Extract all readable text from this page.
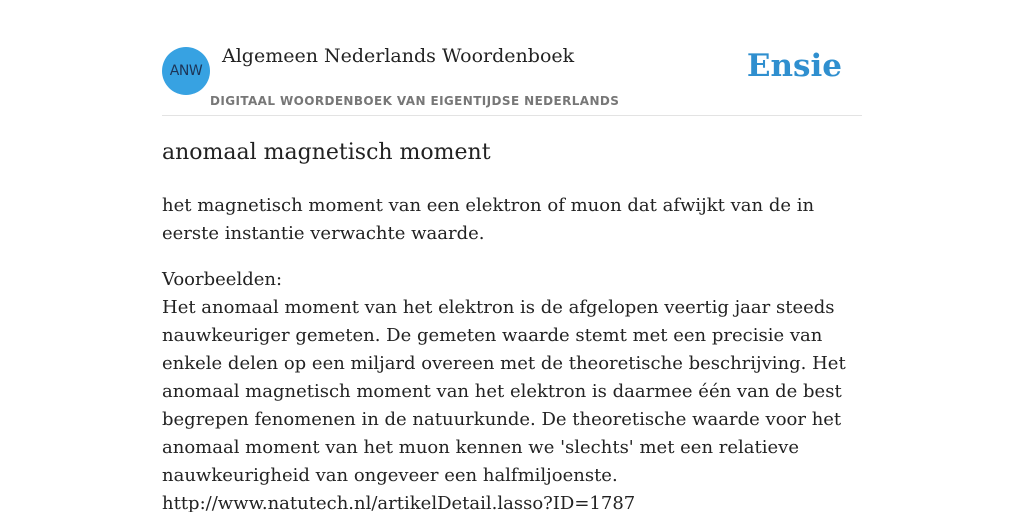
ANW
Algemeen Nederlands Woordenboek
DIGITAAL WOORDENBOEK VAN EIGENTIJDSE NEDERLANDS
Ensie
anomaal magnetisch moment
het magnetisch moment van een elektron of muon dat afwijkt van de in eerste instantie verwachte waarde.
Voorbeelden:
Het anomaal moment van het elektron is de afgelopen veertig jaar steeds nauwkeuriger gemeten. De gemeten waarde stemt met een precisie van enkele delen op een miljard overeen met de theoretische beschrijving. Het anomaal magnetisch moment van het elektron is daarmee één van de best begrepen fenomenen in de natuurkunde. De theoretische waarde voor het anomaal moment van het muon kennen we 'slechts' met een relatieve nauwkeurigheid van ongeveer een halfmiljoenste.
http://www.natutech.nl/artikelDetail.lasso?ID=1787
